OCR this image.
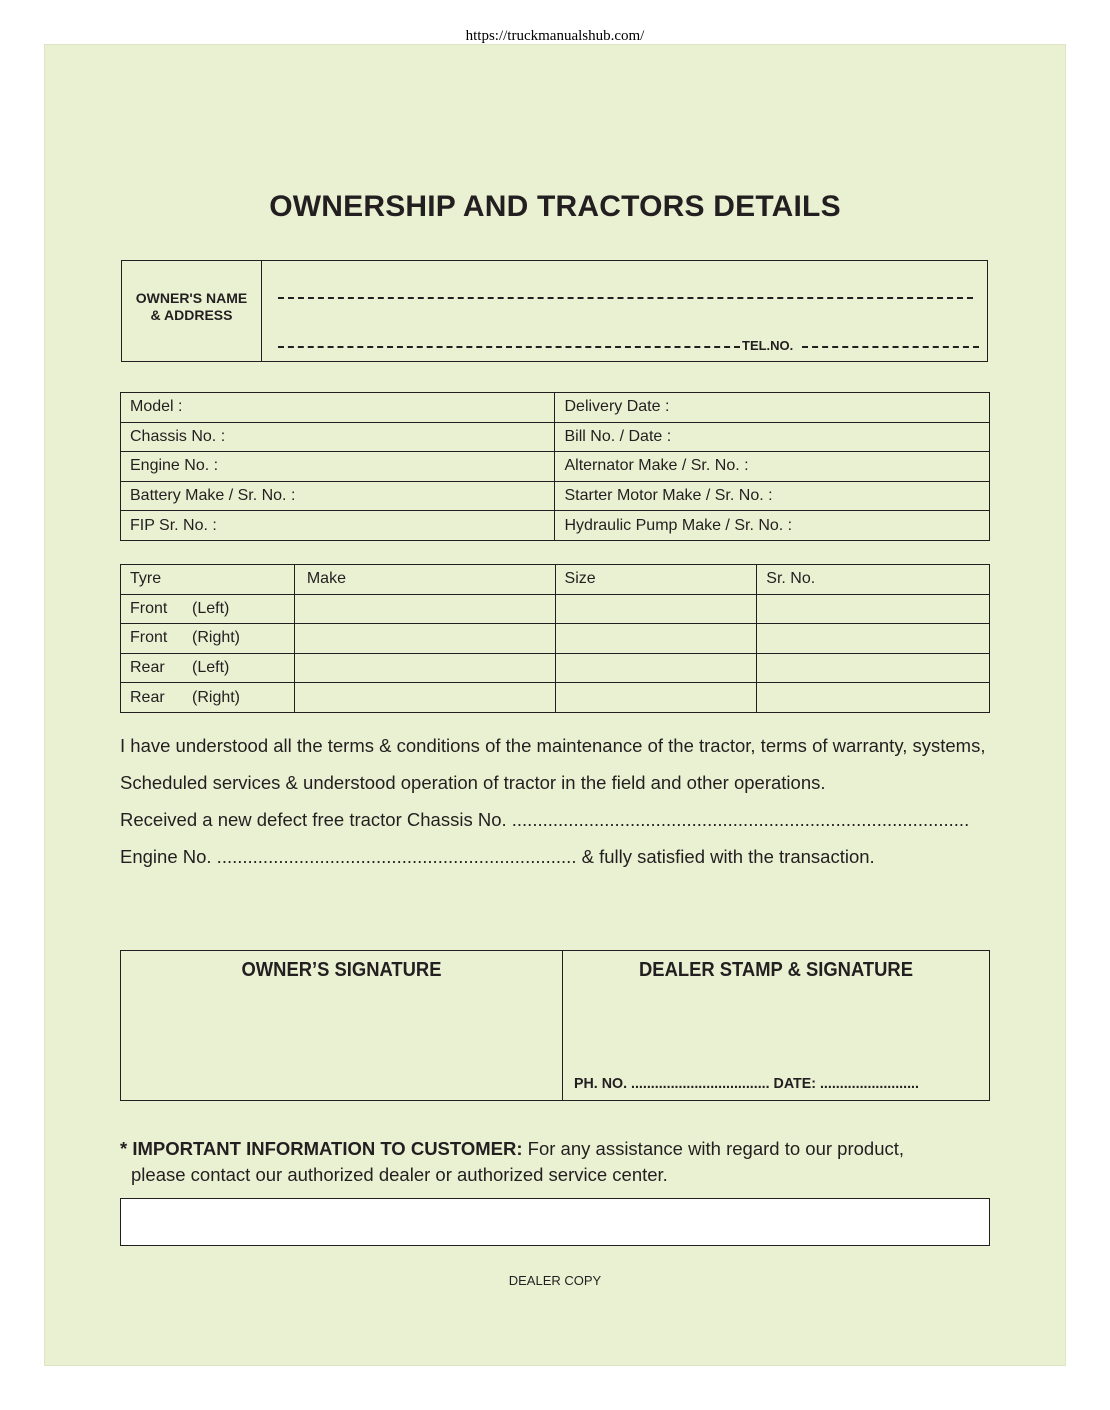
https://truckmanualshub.com/
OWNERSHIP AND TRACTORS DETAILS
OWNER'S NAME
& ADDRESS
TEL.NO.
Model :	Delivery Date :
Chassis No. :	Bill No. / Date :
Engine No. :	Alternator Make / Sr. No. :
Battery Make / Sr. No. :	Starter Motor Make / Sr. No. :
FIP Sr. No. :	Hydraulic Pump Make / Sr. No. :
Tyre	Make	Size	Sr. No.
Front (Left)			
Front (Right)			
Rear (Left)			
Rear (Right)			

I have understood all the terms & conditions of the maintenance of the tractor, terms of warranty, systems,

Scheduled services & understood operation of tractor in the field and other operations.

Received a new defect free tractor Chassis No. .........................................................................................

Engine No. ...................................................................... & fully satisfied with the transaction.

OWNER’S SIGNATURE	DEALER STAMP & SIGNATURE
PH. NO. ................................... DATE: .........................
* IMPORTANT INFORMATION TO CUSTOMER: For any assistance with regard to our product,
please contact our authorized dealer or authorized service center.
DEALER COPY
